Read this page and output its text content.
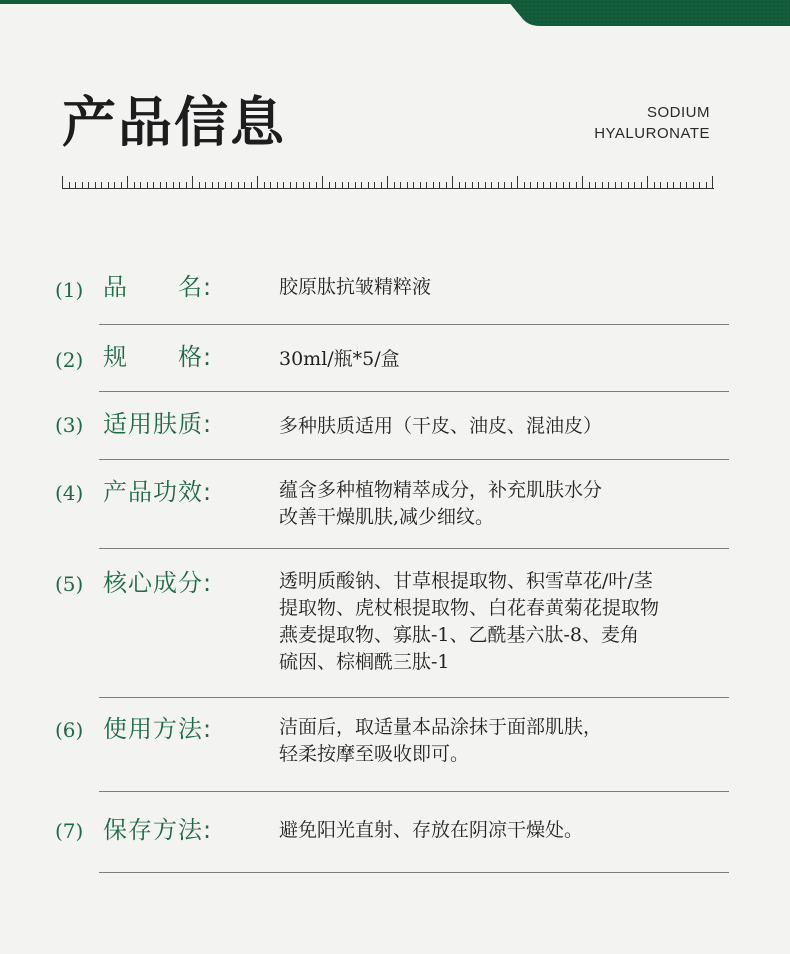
产品信息	SODIUM
HYALURONATE
(1) 品　　名:	胶原肽抗皱精粹液
(2) 规　　格:	30ml/瓶*5/盒
(3) 适用肤质:	多种肤质适用（干皮、油皮、混油皮）
(4) 产品功效:	蕴含多种植物精萃成分，补充肌肤水分
改善干燥肌肤,减少细纹。
(5) 核心成分:	透明质酸钠、甘草根提取物、积雪草花/叶/茎
提取物、虎杖根提取物、白花春黄菊花提取物
燕麦提取物、寡肽-1、乙酰基六肽-8、麦角
硫因、棕榈酰三肽-1
(6) 使用方法:	洁面后，取适量本品涂抹于面部肌肤，
轻柔按摩至吸收即可。
(7) 保存方法:	避免阳光直射、存放在阴凉干燥处。
